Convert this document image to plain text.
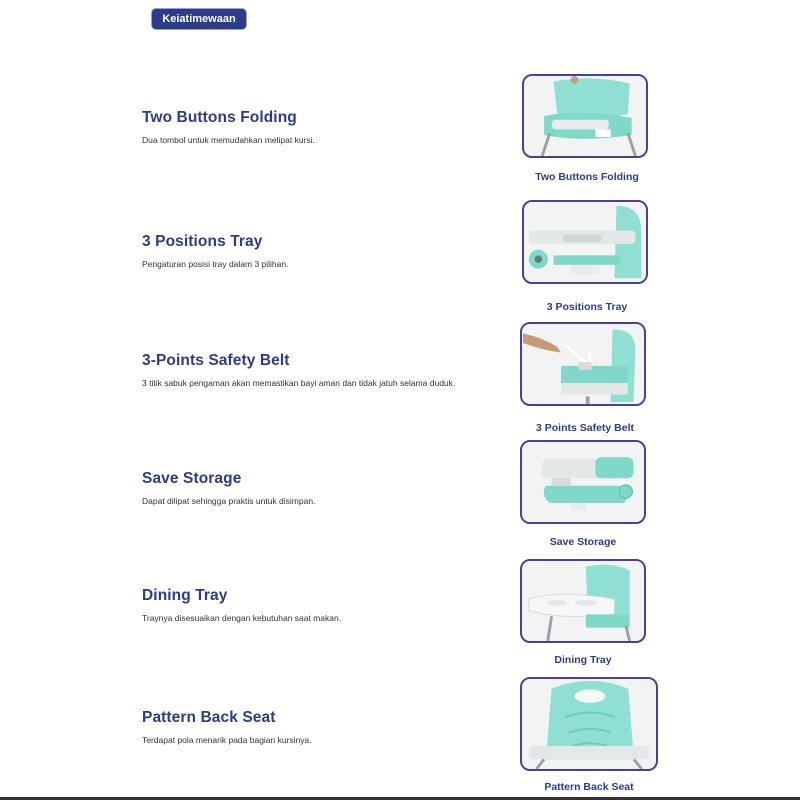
Keiatimewaan
Two Buttons Folding

Dua tombol untuk memudahkan melipat kursi.

Two Buttons Folding
3 Positions Tray

Pengaturan posisi tray dalam 3 pilihan.

3 Positions Tray
3-Points Safety Belt

3 titik sabuk pengaman akan memastikan bayi aman dan tidak jatuh selama duduk.

3 Points Safety Belt
Save Storage

Dapat dilipat sehingga praktis untuk disimpan.

Save Storage
Dining Tray

Traynya disesuaikan dengan kebutuhan saat makan.

Dining Tray
Pattern Back Seat

Terdapat pola menarik pada bagian kursinya.

Pattern Back Seat
